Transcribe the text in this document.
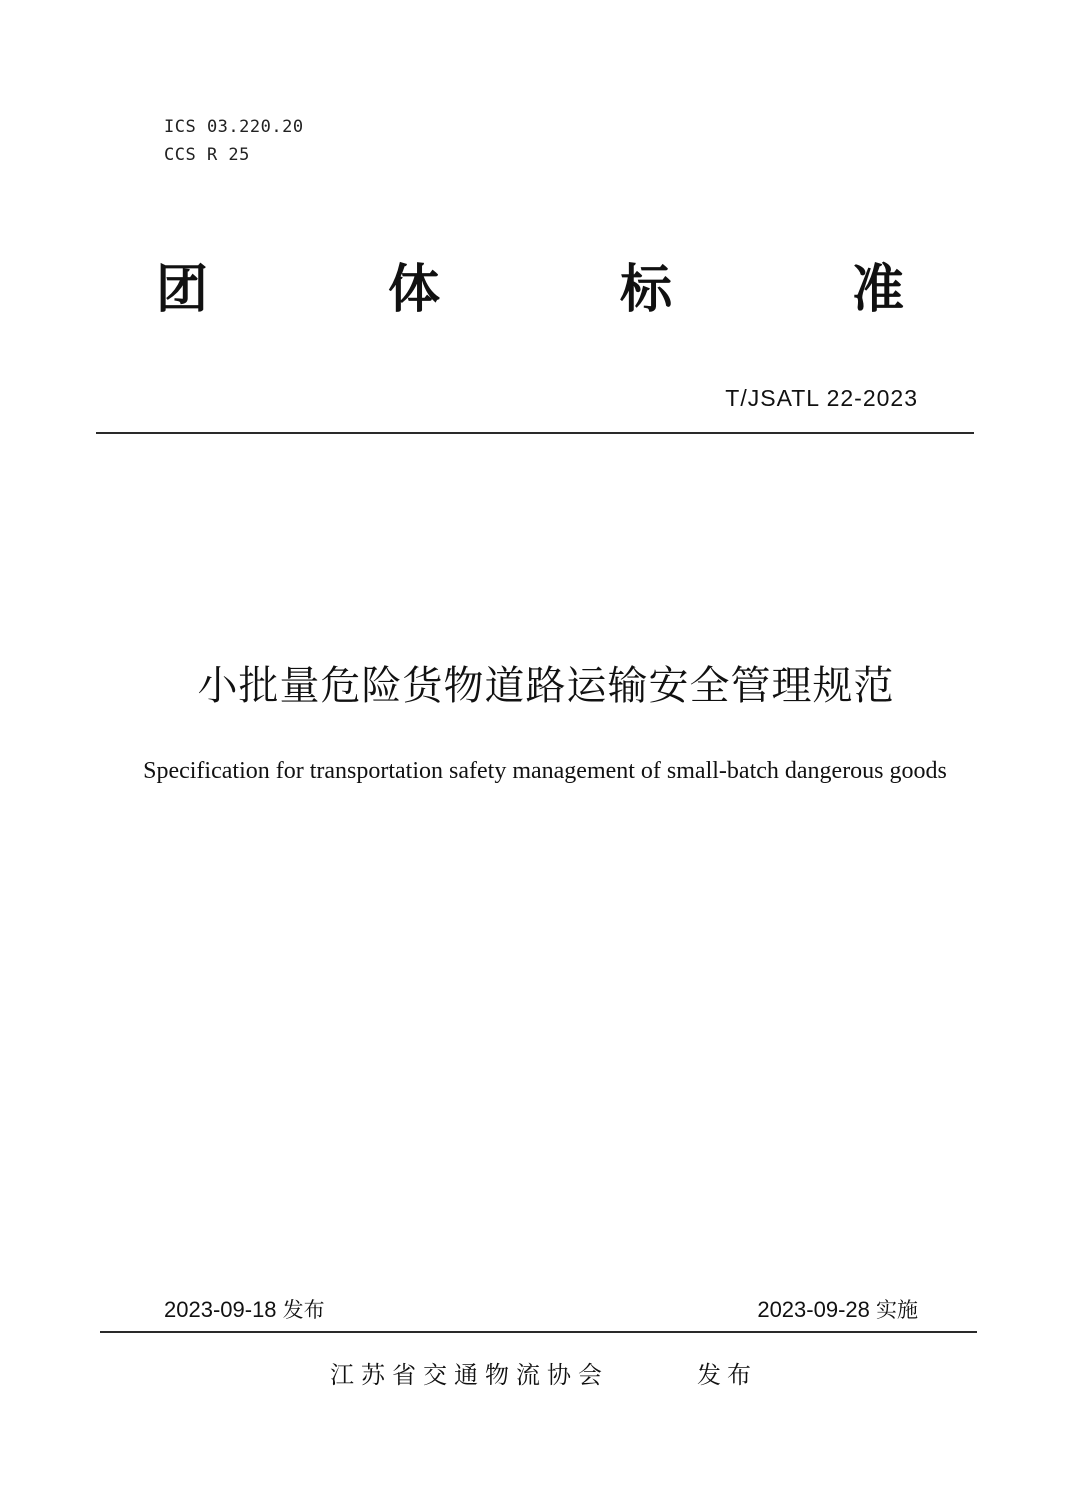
ICS 03.220.20
CCS R 25
团	体	标	准
T/JSATL 22-2023
小批量危险货物道路运输安全管理规范
Specification for transportation safety management of small-batch dangerous goods
2023-09-18 发布	2023-09-28 实施
江苏省交通物流协会	发布
